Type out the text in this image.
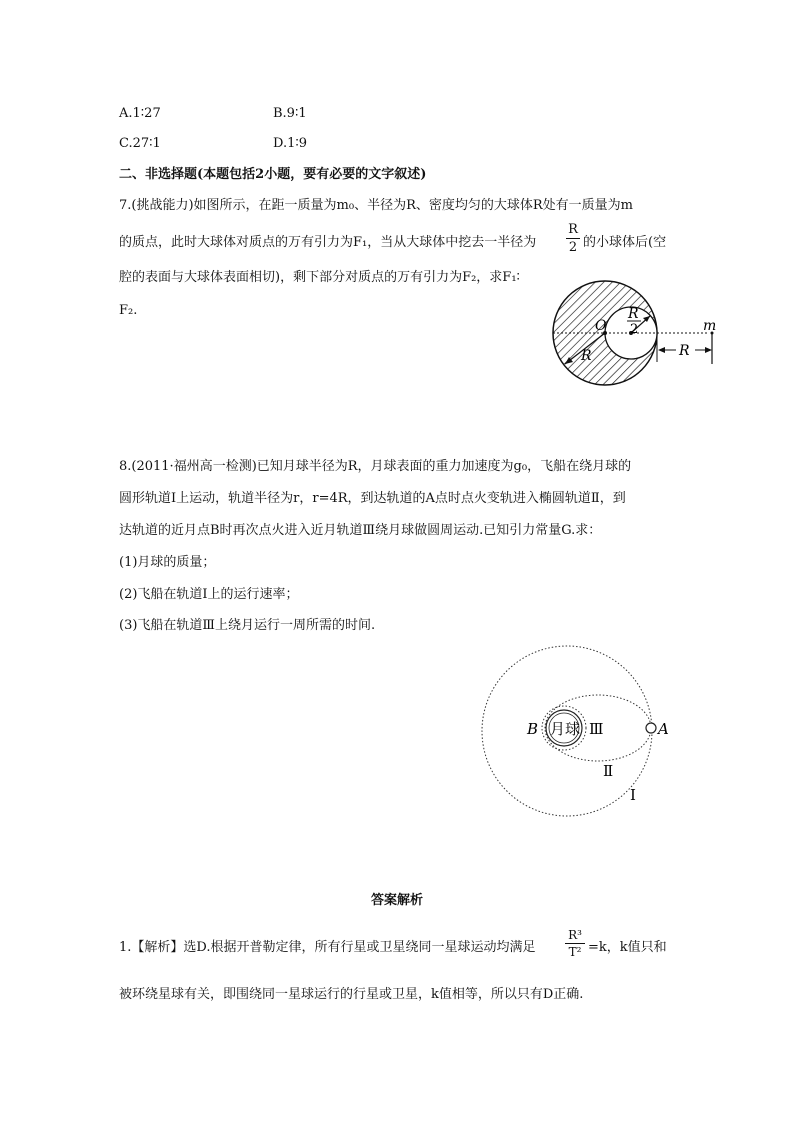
A.1∶27	B.9∶1
C.27∶1	D.1∶9
二、非选择题(本题包括2小题，要有必要的文字叙述)
7.(挑战能力)如图所示，在距一质量为m₀、半径为R、密度均匀的大球体R处有一质量为m
的质点，此时大球体对质点的万有引力为F₁，当从大球体中挖去一半径为
R
2 的小球体后(空
腔的表面与大球体表面相切)，剩下部分对质点的万有引力为F₂，求F₁∶
F₂.
O
R
2
R	R
m
8.(2011·福州高一检测)已知月球半径为R，月球表面的重力加速度为g₀，飞船在绕月球的
圆形轨道Ⅰ上运动，轨道半径为r，r=4R，到达轨道的A点时点火变轨进入椭圆轨道Ⅱ，到
达轨道的近月点B时再次点火进入近月轨道Ⅲ绕月球做圆周运动.已知引力常量G.求：
(1)月球的质量；
(2)飞船在轨道Ⅰ上的运行速率；
(3)飞船在轨道Ⅲ上绕月运行一周所需的时间.
月球
B	A
Ⅲ
Ⅱ
Ⅰ
答案解析
1.【解析】选D.根据开普勒定律，所有行星或卫星绕同一星球运动均满足
R³
T² =k，k值只和
被环绕星球有关，即围绕同一星球运行的行星或卫星，k值相等，所以只有D正确.
